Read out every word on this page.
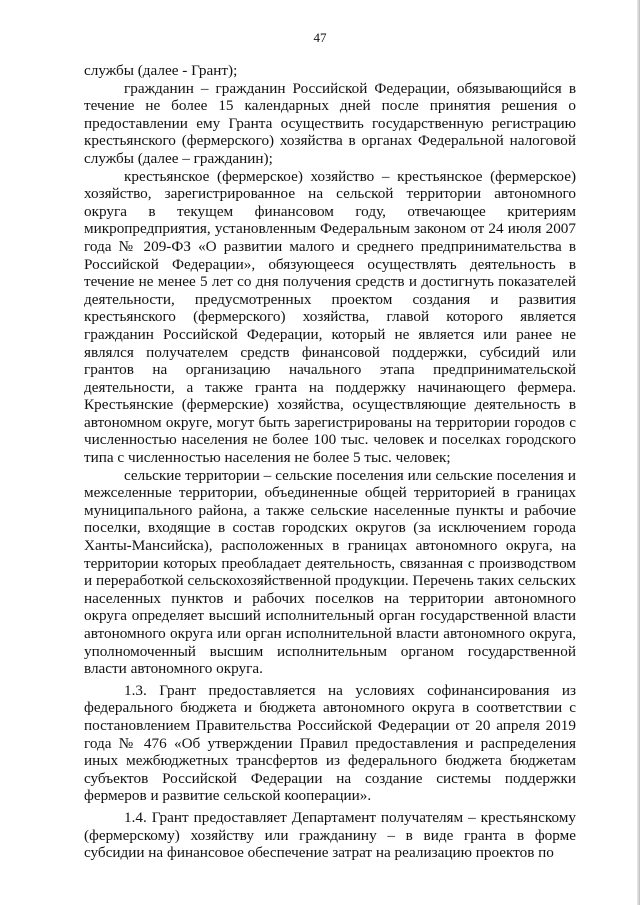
47

службы (далее - Грант);

гражданин – гражданин Российской Федерации, обязывающийся в течение не более 15 календарных дней после принятия решения о предоставлении ему Гранта осуществить государственную регистрацию крестьянского (фермерского) хозяйства в органах Федеральной налоговой службы (далее – гражданин);

крестьянское (фермерское) хозяйство – крестьянское (фермерское) хозяйство, зарегистрированное на сельской территории автономного округа в текущем финансовом году, отвечающее критериям микропредприятия, установленным Федеральным законом от 24 июля 2007 года № 209-ФЗ «О развитии малого и среднего предпринимательства в Российской Федерации», обязующееся осуществлять деятельность в течение не менее 5 лет со дня получения средств и достигнуть показателей деятельности, предусмотренных проектом создания и развития крестьянского (фермерского) хозяйства, главой которого является гражданин Российской Федерации, который не является или ранее не являлся получателем средств финансовой поддержки, субсидий или грантов на организацию начального этапа предпринимательской деятельности, а также гранта на поддержку начинающего фермера. Крестьянские (фермерские) хозяйства, осуществляющие деятельность в автономном округе, могут быть зарегистрированы на территории городов с численностью населения не более 100 тыс. человек и поселках городского типа с численностью населения не более 5 тыс. человек;

сельские территории – сельские поселения или сельские поселения и межселенные территории, объединенные общей территорией в границах муниципального района, а также сельские населенные пункты и рабочие поселки, входящие в состав городских округов (за исключением города Ханты-Мансийска), расположенных в границах автономного округа, на территории которых преобладает деятельность, связанная с производством и переработкой сельскохозяйственной продукции. Перечень таких сельских населенных пунктов и рабочих поселков на территории автономного округа определяет высший исполнительный орган государственной власти автономного округа или орган исполнительной власти автономного округа, уполномоченный высшим исполнительным органом государственной власти автономного округа.

1.3. Грант предоставляется на условиях софинансирования из федерального бюджета и бюджета автономного округа в соответствии с постановлением Правительства Российской Федерации от 20 апреля 2019 года № 476 «Об утверждении Правил предоставления и распределения иных межбюджетных трансфертов из федерального бюджета бюджетам субъектов Российской Федерации на создание системы поддержки фермеров и развитие сельской кооперации».

1.4. Грант предоставляет Департамент получателям – крестьянскому (фермерскому) хозяйству или гражданину – в виде гранта в форме субсидии на финансовое обеспечение затрат на реализацию проектов по
